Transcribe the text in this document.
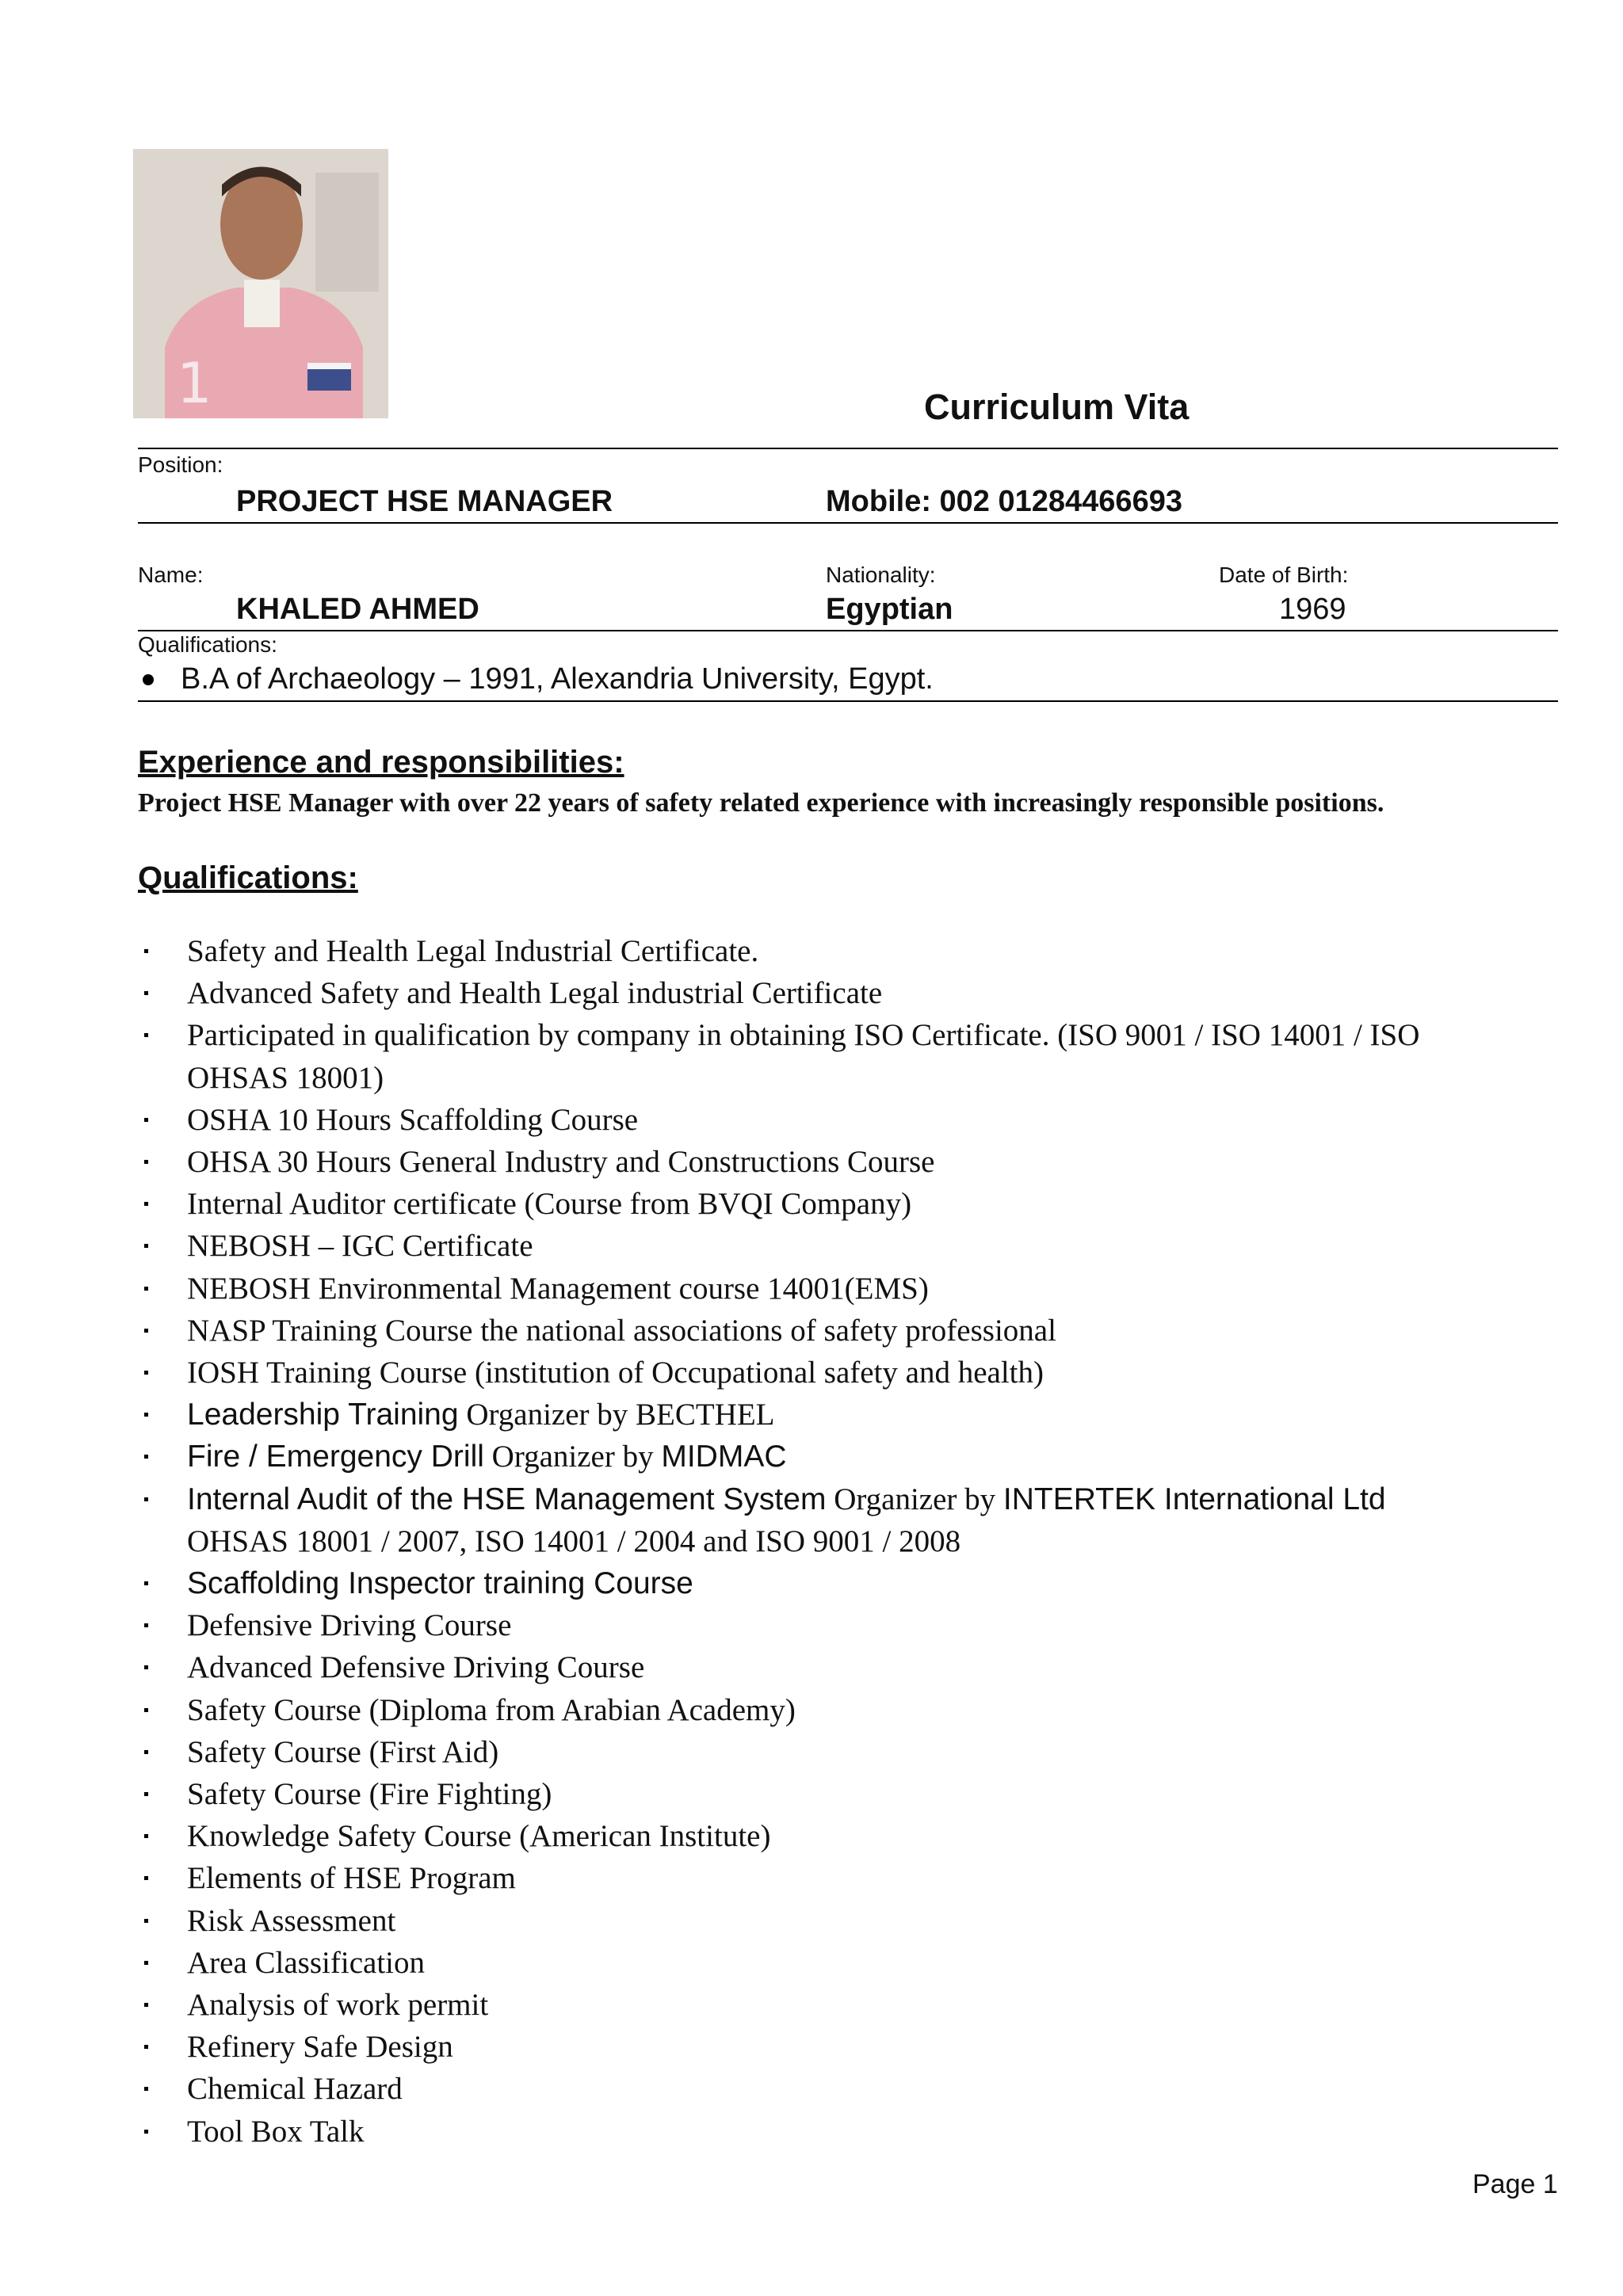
1	Curriculum Vita
Position:
PROJECT HSE MANAGER	Mobile: 002 01284466693
Name:
KHALED AHMED
Nationality:
Egyptian
Date of Birth:
1969
Qualifications:
B.A of Archaeology – 1991, Alexandria University, Egypt.
Experience and responsibilities:
Project HSE Manager with over 22 years of safety related experience with increasingly responsible positions.
Qualifications:
Safety and Health Legal Industrial Certificate.
Advanced Safety and Health Legal industrial Certificate
Participated in qualification by company in obtaining ISO Certificate. (ISO 9001 / ISO 14001 / ISO
OHSAS 18001)
OSHA 10 Hours Scaffolding Course
OHSA 30 Hours General Industry and Constructions Course
Internal Auditor certificate (Course from BVQI Company)
NEBOSH – IGC Certificate
NEBOSH Environmental Management course 14001(EMS)
NASP Training Course the national associations of safety professional
IOSH Training Course (institution of Occupational safety and health)
Leadership Training Organizer by BECTHEL
Fire / Emergency Drill Organizer by MIDMAC
Internal Audit of the HSE Management System Organizer by INTERTEK International Ltd
OHSAS 18001 / 2007, ISO 14001 / 2004 and ISO 9001 / 2008
Scaffolding Inspector training Course
Defensive Driving Course
Advanced Defensive Driving Course
Safety Course (Diploma from Arabian Academy)
Safety Course (First Aid)
Safety Course (Fire Fighting)
Knowledge Safety Course (American Institute)
Elements of HSE Program
Risk Assessment
Area Classification
Analysis of work permit
Refinery Safe Design
Chemical Hazard
Tool Box Talk
Page 1
